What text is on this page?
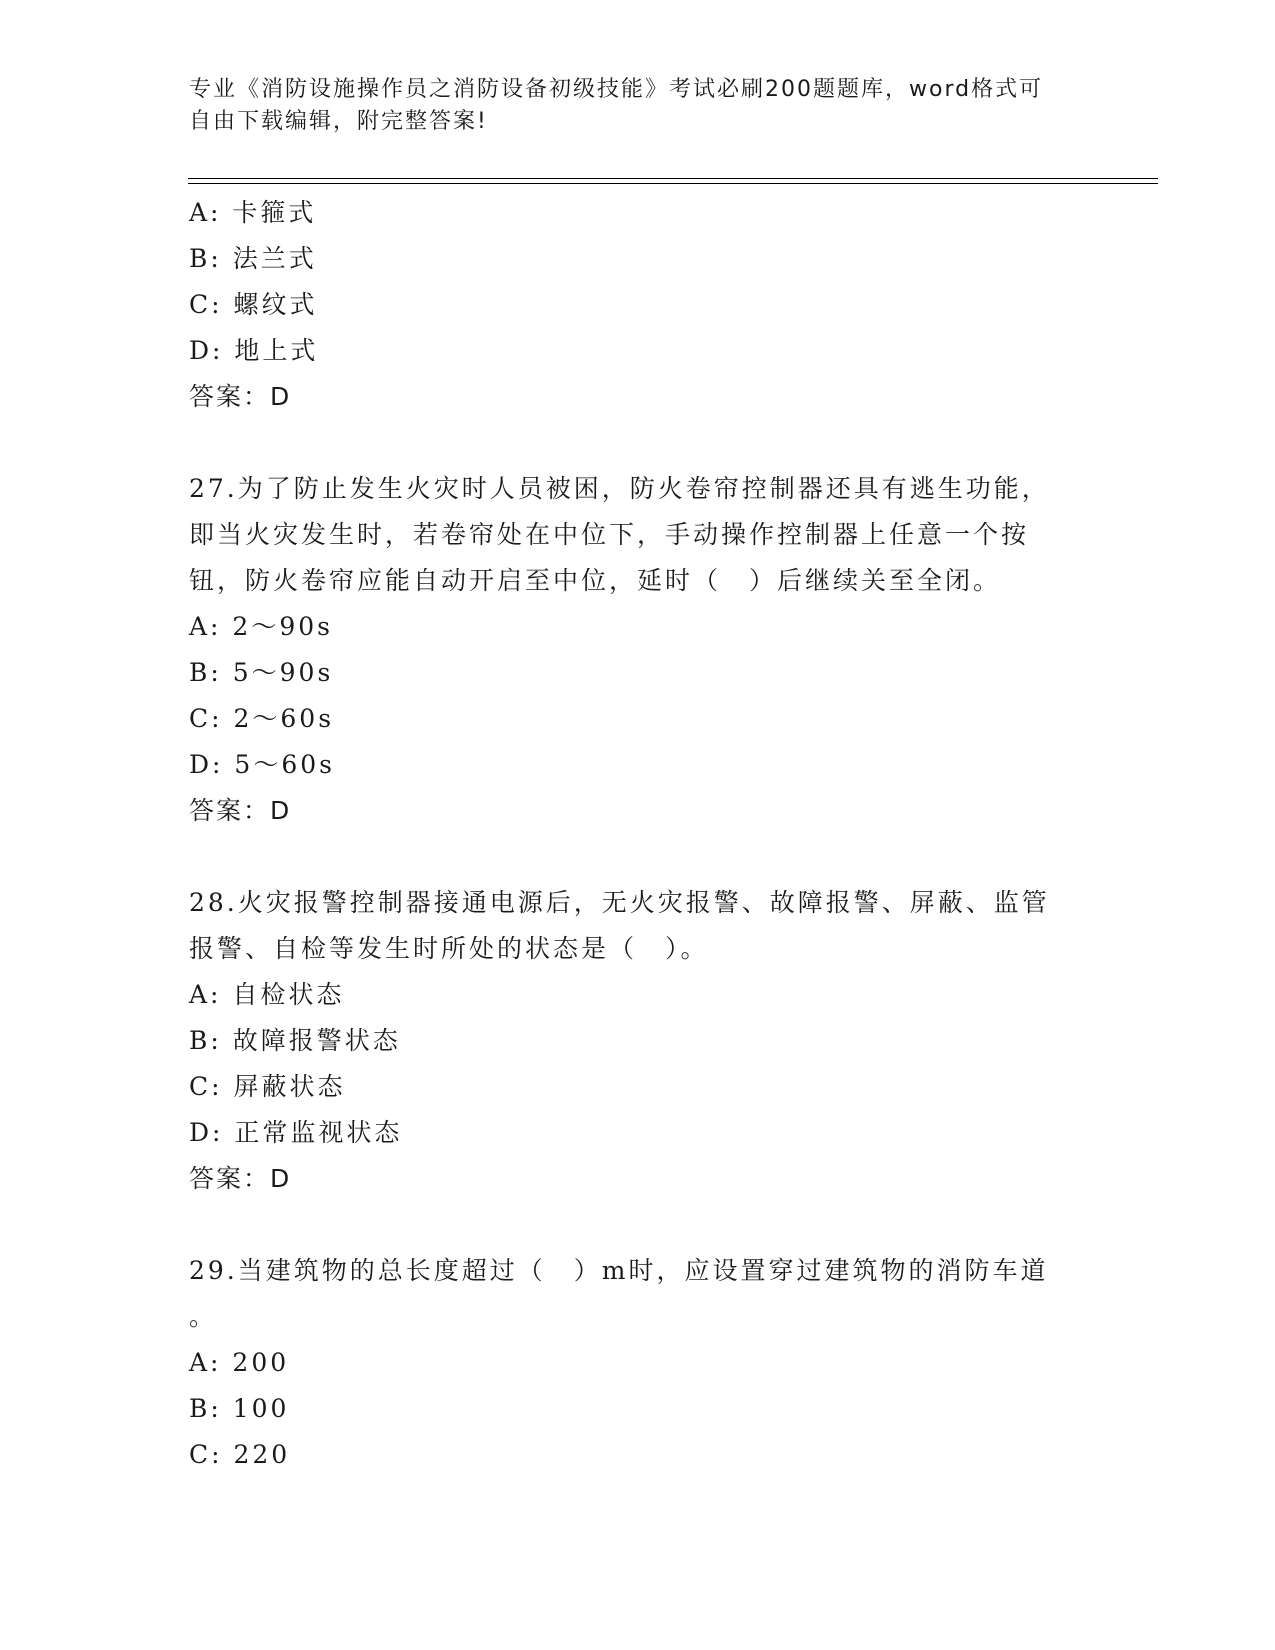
专业《消防设施操作员之消防设备初级技能》考试必刷200题题库，word格式可
自由下载编辑，附完整答案!
A: 卡箍式
B: 法兰式
C: 螺纹式
D: 地上式
答案：D
27.为了防止发生火灾时人员被困，防火卷帘控制器还具有逃生功能，
即当火灾发生时，若卷帘处在中位下，手动操作控制器上任意一个按
钮，防火卷帘应能自动开启至中位，延时（　）后继续关至全闭。
A: 2～90s
B: 5～90s
C: 2～60s
D: 5～60s
答案：D
28.火灾报警控制器接通电源后，无火灾报警、故障报警、屏蔽、监管
报警、自检等发生时所处的状态是（　）。
A: 自检状态
B: 故障报警状态
C: 屏蔽状态
D: 正常监视状态
答案：D
29.当建筑物的总长度超过（　）m时，应设置穿过建筑物的消防车道
。
A: 200
B: 100
C: 220
